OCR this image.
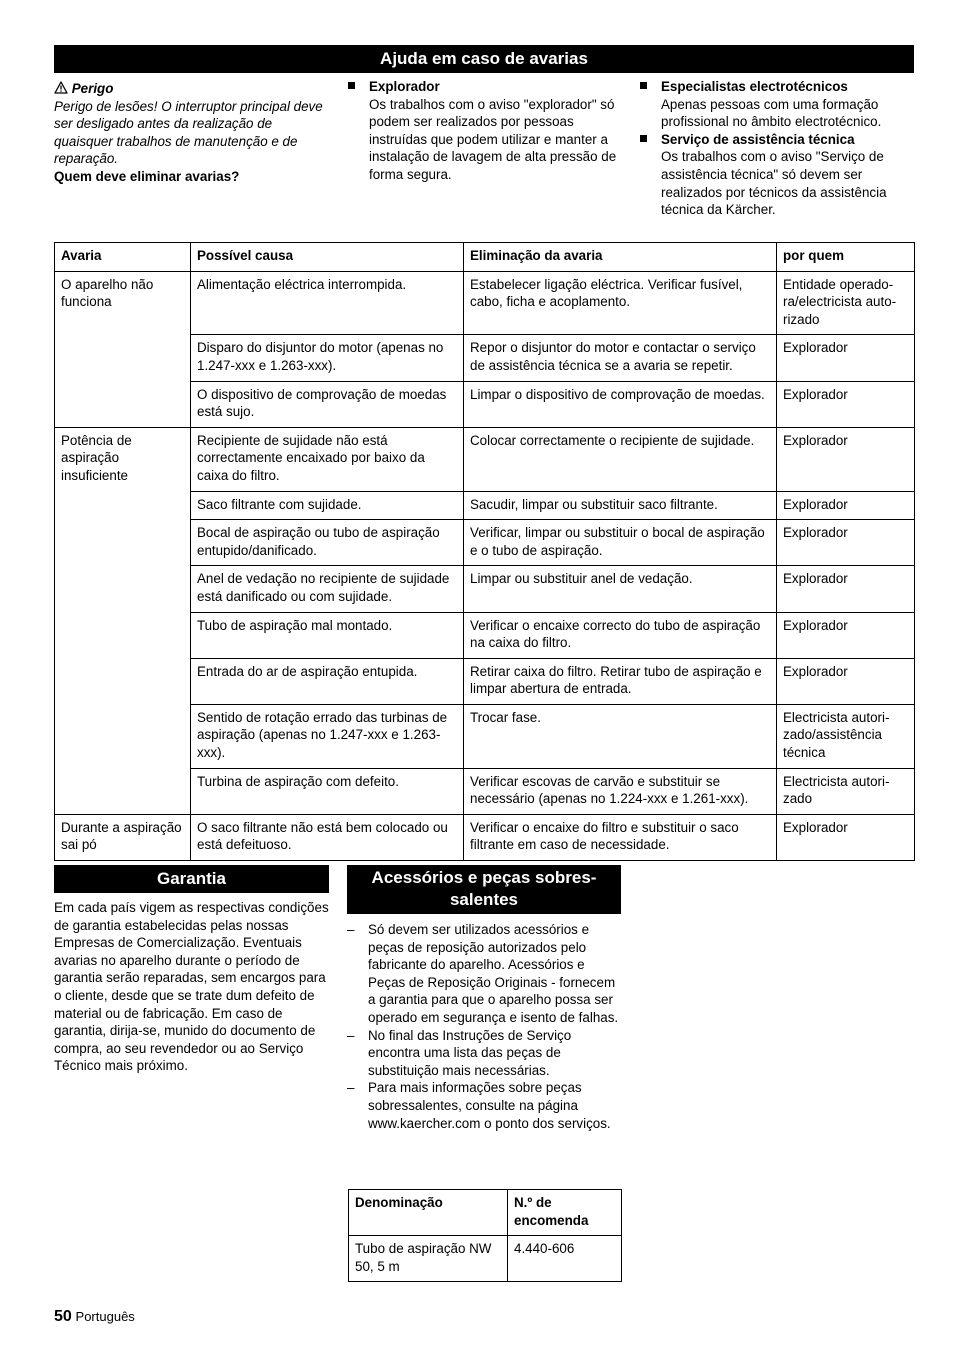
Ajuda em caso de avarias
Perigo
Perigo de lesões! O interruptor principal deve ser desligado antes da realização de quaisquer trabalhos de manutenção e de reparação.
Quem deve eliminar avarias?
Explorador
Os trabalhos com o aviso "explorador" só podem ser realizados por pessoas instruídas que podem utilizar e manter a instalação de lavagem de alta pressão de forma segura.
Especialistas electrotécnicos
Apenas pessoas com uma formação profissional no âmbito electrotécnico.
Serviço de assistência técnica
Os trabalhos com o aviso "Serviço de assistência técnica" só devem ser realizados por técnicos da assistência técnica da Kärcher.
Avaria	Possível causa	Eliminação da avaria	por quem
O aparelho não funciona	Alimentação eléctrica interrompida.	Estabelecer ligação eléctrica. Verificar fusível, cabo, ficha e acoplamento.	Entidade operado-
ra/electricista auto-
rizado
	Disparo do disjuntor do motor (apenas no 1.247-xxx e 1.263-xxx).	Repor o disjuntor do motor e contactar o serviço de assistência técnica se a avaria se repetir.	Explorador
	O dispositivo de comprovação de moedas está sujo.	Limpar o dispositivo de comprovação de moedas.	Explorador
Potência de aspiração insuficiente	Recipiente de sujidade não está correctamente encaixado por baixo da caixa do filtro.	Colocar correctamente o recipiente de sujidade.	Explorador
	Saco filtrante com sujidade.	Sacudir, limpar ou substituir saco filtrante.	Explorador
	Bocal de aspiração ou tubo de aspiração entupido/danificado.	Verificar, limpar ou substituir o bocal de aspiração e o tubo de aspiração.	Explorador
	Anel de vedação no recipiente de sujidade está danificado ou com sujidade.	Limpar ou substituir anel de vedação.	Explorador
	Tubo de aspiração mal montado.	Verificar o encaixe correcto do tubo de aspiração na caixa do filtro.	Explorador
	Entrada do ar de aspiração entupida.	Retirar caixa do filtro. Retirar tubo de aspiração e limpar abertura de entrada.	Explorador
	Sentido de rotação errado das turbinas de aspiração (apenas no 1.247-xxx e 1.263-xxx).	Trocar fase.	Electricista autori-
zado/assistência
técnica
	Turbina de aspiração com defeito.	Verificar escovas de carvão e substituir se necessário (apenas no 1.224-xxx e 1.261-xxx).	Electricista autori-
zado
Durante a aspiração sai pó	O saco filtrante não está bem colocado ou está defeituoso.	Verificar o encaixe do filtro e substituir o saco filtrante em caso de necessidade.	Explorador
Garantia
Em cada país vigem as respectivas condições de garantia estabelecidas pelas nossas Empresas de Comercialização. Eventuais avarias no aparelho durante o período de garantia serão reparadas, sem encargos para o cliente, desde que se trate dum defeito de material ou de fabricação. Em caso de garantia, dirija-se, munido do documento de compra, ao seu revendedor ou ao Serviço Técnico mais próximo.
Acessórios e peças sobres-
salentes
– Só devem ser utilizados acessórios e peças de reposição autorizados pelo fabricante do aparelho. Acessórios e Peças de Reposição Originais - fornecem a garantia para que o aparelho possa ser operado em segurança e isento de falhas.
– No final das Instruções de Serviço encontra uma lista das peças de substituição mais necessárias.
– Para mais informações sobre peças sobressalentes, consulte na página www.kaercher.com o ponto dos serviços.
Denominação	N.º de encomenda
Tubo de aspiração NW 50, 5 m	4.440-606
50 Português
